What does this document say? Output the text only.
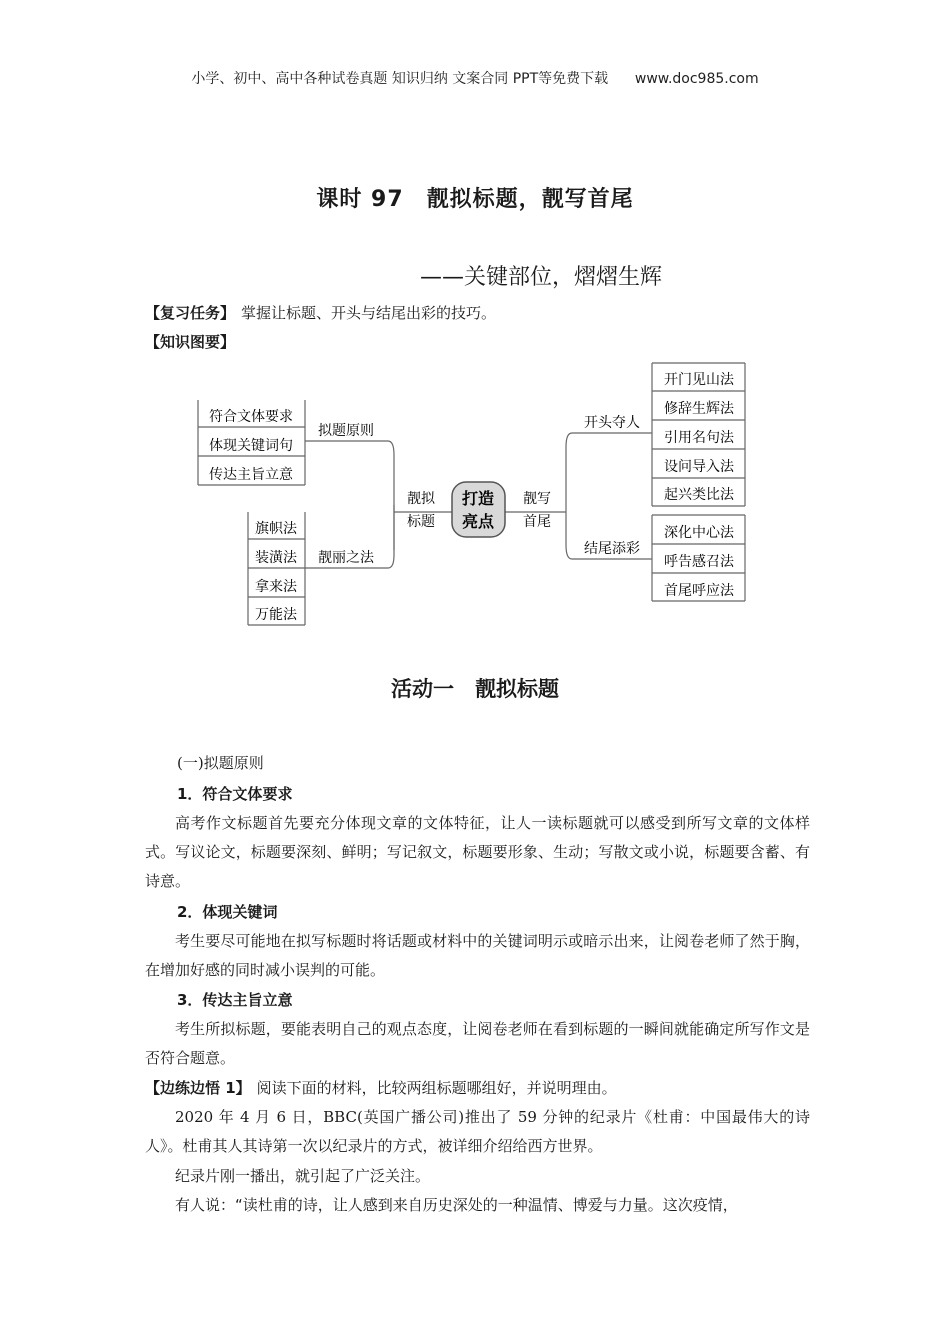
小学、初中、高中各种试卷真题 知识归纳 文案合同 PPT等免费下载 www.doc985.com
课时 97　靓拟标题，靓写首尾
——关键部位，熠熠生辉
【复习任务】 掌握让标题、开头与结尾出彩的技巧。
【知识图要】
打造
亮点
靓拟
标题
靓写
首尾
拟题原则
符合文体要求
体现关键词句
传达主旨立意
靓丽之法
旗帜法
装潢法
拿来法
万能法
开头夺人
结尾添彩
开门见山法
修辞生辉法
引用名句法
设问导入法
起兴类比法
深化中心法
呼告感召法
首尾呼应法
活动一　靓拟标题
(一)拟题原则
1．符合文体要求
高考作文标题首先要充分体现文章的文体特征，让人一读标题就可以感受到所写文章的文体样式。写议论文，标题要深刻、鲜明；写记叙文，标题要形象、生动；写散文或小说，标题要含蓄、有诗意。
2．体现关键词
考生要尽可能地在拟写标题时将话题或材料中的关键词明示或暗示出来，让阅卷老师了然于胸，在增加好感的同时减小误判的可能。
3．传达主旨立意
考生所拟标题，要能表明自己的观点态度，让阅卷老师在看到标题的一瞬间就能确定所写作文是否符合题意。
【边练边悟 1】 阅读下面的材料，比较两组标题哪组好，并说明理由。
2020 年 4 月 6 日，BBC(英国广播公司)推出了 59 分钟的纪录片《杜甫：中国最伟大的诗人》。杜甫其人其诗第一次以纪录片的方式，被详细介绍给西方世界。
纪录片刚一播出，就引起了广泛关注。
有人说：“读杜甫的诗，让人感到来自历史深处的一种温情、博爱与力量。这次疫情，
